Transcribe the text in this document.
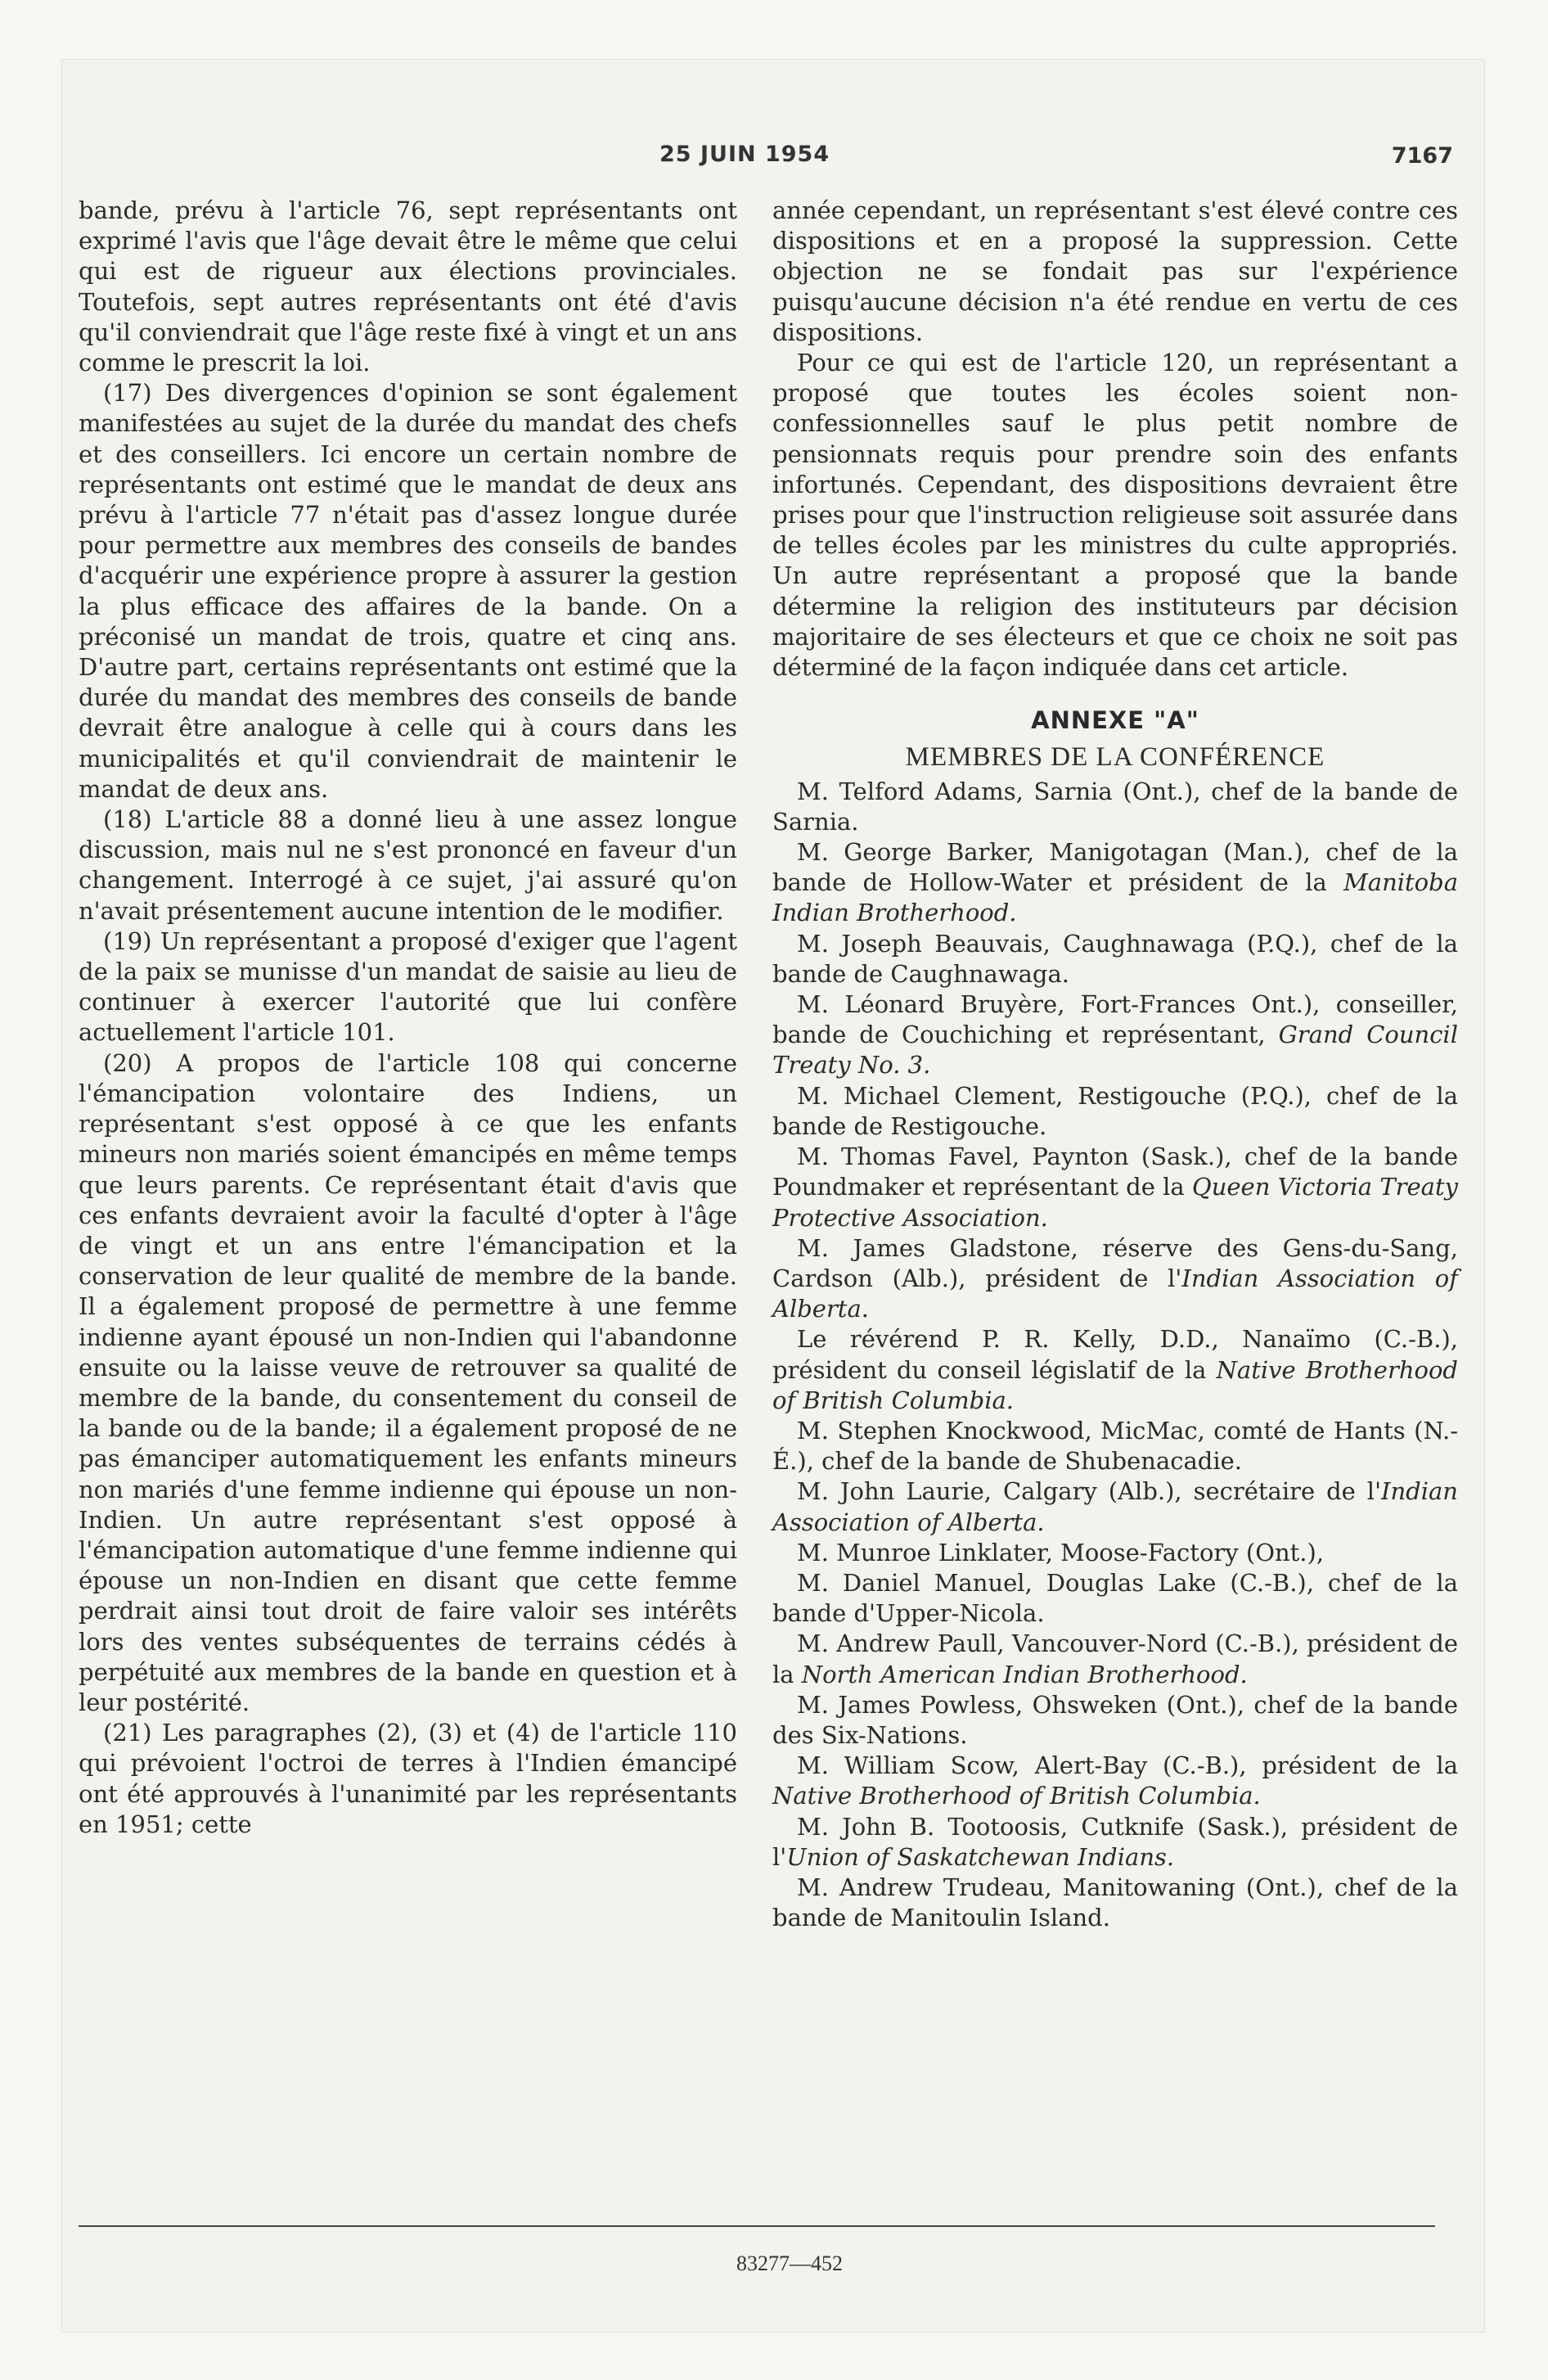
25 JUIN 1954	7167

bande, prévu à l'article 76, sept représentants ont exprimé l'avis que l'âge devait être le même que celui qui est de rigueur aux élections provinciales. Toutefois, sept autres représentants ont été d'avis qu'il conviendrait que l'âge reste fixé à vingt et un ans comme le prescrit la loi.

(17) Des divergences d'opinion se sont également manifestées au sujet de la durée du mandat des chefs et des conseillers. Ici encore un certain nombre de représentants ont estimé que le mandat de deux ans prévu à l'article 77 n'était pas d'assez longue durée pour permettre aux membres des conseils de bandes d'acquérir une expérience propre à assurer la gestion la plus efficace des affaires de la bande. On a préconisé un mandat de trois, quatre et cinq ans. D'autre part, certains représentants ont estimé que la durée du mandat des membres des conseils de bande devrait être analogue à celle qui à cours dans les municipalités et qu'il conviendrait de maintenir le mandat de deux ans.

(18) L'article 88 a donné lieu à une assez longue discussion, mais nul ne s'est prononcé en faveur d'un changement. Interrogé à ce sujet, j'ai assuré qu'on n'avait présentement aucune intention de le modifier.

(19) Un représentant a proposé d'exiger que l'agent de la paix se munisse d'un mandat de saisie au lieu de continuer à exercer l'autorité que lui confère actuellement l'article 101.

(20) A propos de l'article 108 qui concerne l'émancipation volontaire des Indiens, un représentant s'est opposé à ce que les enfants mineurs non mariés soient émancipés en même temps que leurs parents. Ce représentant était d'avis que ces enfants devraient avoir la faculté d'opter à l'âge de vingt et un ans entre l'émancipation et la conservation de leur qualité de membre de la bande. Il a également proposé de permettre à une femme indienne ayant épousé un non-Indien qui l'abandonne ensuite ou la laisse veuve de retrouver sa qualité de membre de la bande, du consentement du conseil de la bande ou de la bande; il a également proposé de ne pas émanciper automatiquement les enfants mineurs non mariés d'une femme indienne qui épouse un non-Indien. Un autre représentant s'est opposé à l'émancipation automatique d'une femme indienne qui épouse un non-Indien en disant que cette femme perdrait ainsi tout droit de faire valoir ses intérêts lors des ventes subséquentes de terrains cédés à perpétuité aux membres de la bande en question et à leur postérité.

(21) Les paragraphes (2), (3) et (4) de l'article 110 qui prévoient l'octroi de terres à l'Indien émancipé ont été approuvés à l'unanimité par les représentants en 1951; cette

année cependant, un représentant s'est élevé contre ces dispositions et en a proposé la suppression. Cette objection ne se fondait pas sur l'expérience puisqu'aucune décision n'a été rendue en vertu de ces dispositions.

Pour ce qui est de l'article 120, un représentant a proposé que toutes les écoles soient non-confessionnelles sauf le plus petit nombre de pensionnats requis pour prendre soin des enfants infortunés. Cependant, des dispositions devraient être prises pour que l'instruction religieuse soit assurée dans de telles écoles par les ministres du culte appropriés. Un autre représentant a proposé que la bande détermine la religion des instituteurs par décision majoritaire de ses électeurs et que ce choix ne soit pas déterminé de la façon indiquée dans cet article.

ANNEXE "A"
MEMBRES DE LA CONFÉRENCE

M. Telford Adams, Sarnia (Ont.), chef de la bande de Sarnia.

M. George Barker, Manigotagan (Man.), chef de la bande de Hollow-Water et président de la Manitoba Indian Brotherhood.

M. Joseph Beauvais, Caughnawaga (P.Q.), chef de la bande de Caughnawaga.

M. Léonard Bruyère, Fort-Frances Ont.), conseiller, bande de Couchiching et représentant, Grand Council Treaty No. 3.

M. Michael Clement, Restigouche (P.Q.), chef de la bande de Restigouche.

M. Thomas Favel, Paynton (Sask.), chef de la bande Poundmaker et représentant de la Queen Victoria Treaty Protective Association.

M. James Gladstone, réserve des Gens-du-Sang, Cardson (Alb.), président de l'Indian Association of Alberta.

Le révérend P. R. Kelly, D.D., Nanaïmo (C.-B.), président du conseil législatif de la Native Brotherhood of British Columbia.

M. Stephen Knockwood, MicMac, comté de Hants (N.-É.), chef de la bande de Shubenacadie.

M. John Laurie, Calgary (Alb.), secrétaire de l'Indian Association of Alberta.

M. Munroe Linklater, Moose-Factory (Ont.),

M. Daniel Manuel, Douglas Lake (C.-B.), chef de la bande d'Upper-Nicola.

M. Andrew Paull, Vancouver-Nord (C.-B.), président de la North American Indian Brotherhood.

M. James Powless, Ohsweken (Ont.), chef de la bande des Six-Nations.

M. William Scow, Alert-Bay (C.-B.), président de la Native Brotherhood of British Columbia.

M. John B. Tootoosis, Cutknife (Sask.), président de l'Union of Saskatchewan Indians.

M. Andrew Trudeau, Manitowaning (Ont.), chef de la bande de Manitoulin Island.

83277—452
